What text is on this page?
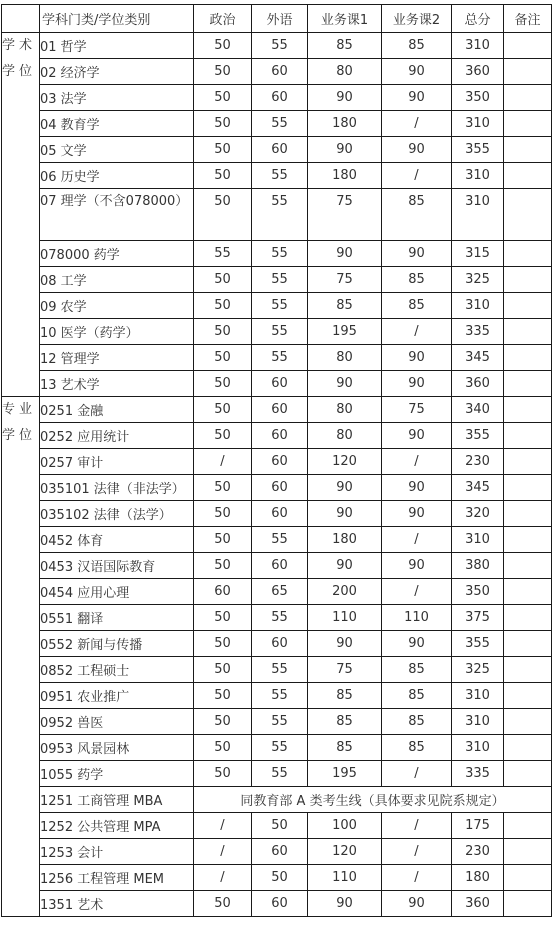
	学科门类/学位类别	政治	外语	业务课1	业务课2	总分	备注

学术
学位	01 哲学	50	55	85	85	310	
	02 经济学	50	60	80	90	360	
	03 法学	50	60	90	90	350	
	04 教育学	50	55	180	/	310	
	05 文学	50	60	90	90	355	
	06 历史学	50	55	180	/	310	
	07 理学（不含078000）	50	55	75	85	310	
	078000 药学	55	55	90	90	315	
	08 工学	50	55	75	85	325	
	09 农学	50	55	85	85	310	
	10 医学（药学）	50	55	195	/	335	
	12 管理学	50	55	80	90	345	
	13 艺术学	50	60	90	90	360	

专业
学位	0251 金融	50	60	80	75	340	
	0252 应用统计	50	60	80	90	355	
	0257 审计	/	60	120	/	230	
	035101 法律（非法学）	50	60	90	90	345	
	035102 法律（法学）	50	60	90	90	320	
	0452 体育	50	55	180	/	310	
	0453 汉语国际教育	50	60	90	90	380	
	0454 应用心理	60	65	200	/	350	
	0551 翻译	50	55	110	110	375	
	0552 新闻与传播	50	60	90	90	355	
	0852 工程硕士	50	55	75	85	325	
	0951 农业推广	50	55	85	85	310	
	0952 兽医	50	55	85	85	310	
	0953 风景园林	50	55	85	85	310	
	1055 药学	50	55	195	/	335	
	1251 工商管理 MBA	同教育部 A 类考生线（具体要求见院系规定）					
	1252 公共管理 MPA	/	50	100	/	175	
	1253 会计	/	60	120	/	230	
	1256 工程管理 MEM	/	50	110	/	180	
	1351 艺术	50	60	90	90	360	
